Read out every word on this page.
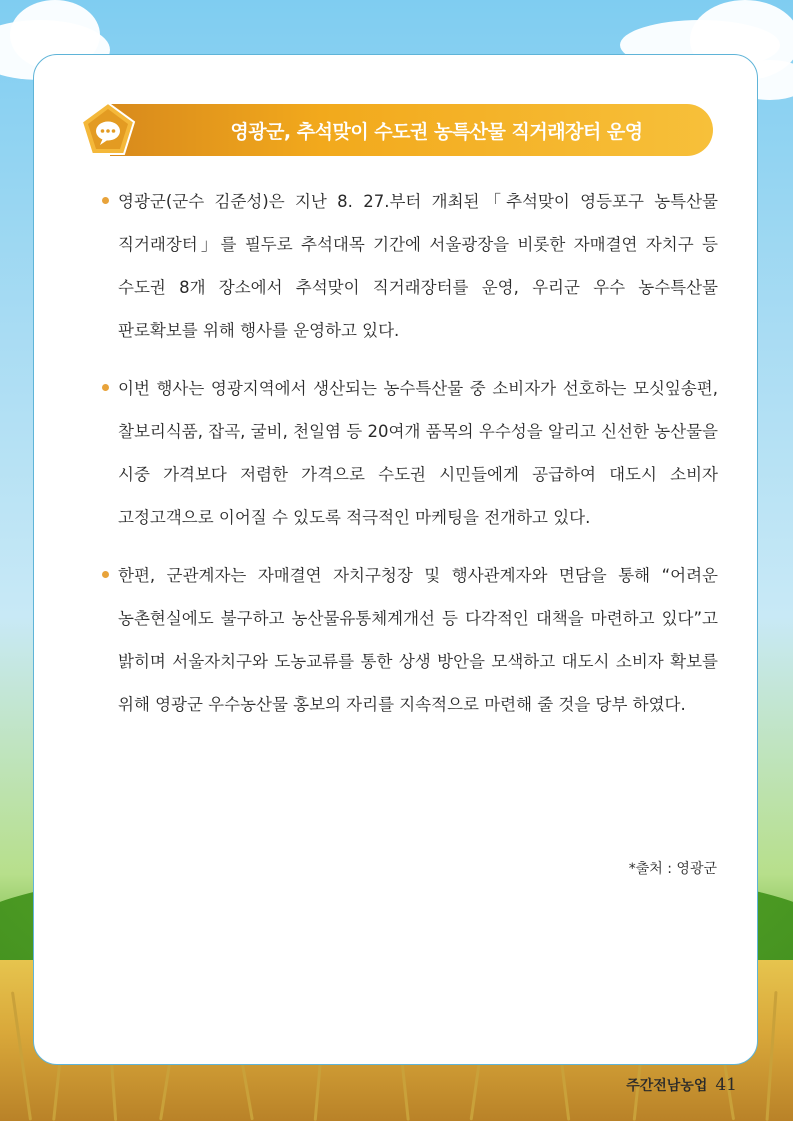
영광군, 추석맞이 수도권 농특산물 직거래장터 운영
영광군(군수 김준성)은 지난 8. 27.부터 개최된「추석맞이 영등포구 농특산물 직거래장터」를 필두로 추석대목 기간에 서울광장을 비롯한 자매결연 자치구 등 수도권 8개 장소에서 추석맞이 직거래장터를 운영, 우리군 우수 농수특산물 판로확보를 위해 행사를 운영하고 있다.
이번 행사는 영광지역에서 생산되는 농수특산물 중 소비자가 선호하는 모싯잎송편, 찰보리식품, 잡곡, 굴비, 천일염 등 20여개 품목의 우수성을 알리고 신선한 농산물을 시중 가격보다 저렴한 가격으로 수도권 시민들에게 공급하여 대도시 소비자 고정고객으로 이어질 수 있도록 적극적인 마케팅을 전개하고 있다.
한편, 군관계자는 자매결연 자치구청장 및 행사관계자와 면담을 통해 “어려운 농촌현실에도 불구하고 농산물유통체계개선 등 다각적인 대책을 마련하고 있다”고 밝히며 서울자치구와 도농교류를 통한 상생 방안을 모색하고 대도시 소비자 확보를 위해 영광군 우수농산물 홍보의 자리를 지속적으로 마련해 줄 것을 당부 하였다.
*출처 : 영광군
주간전남농업 41
